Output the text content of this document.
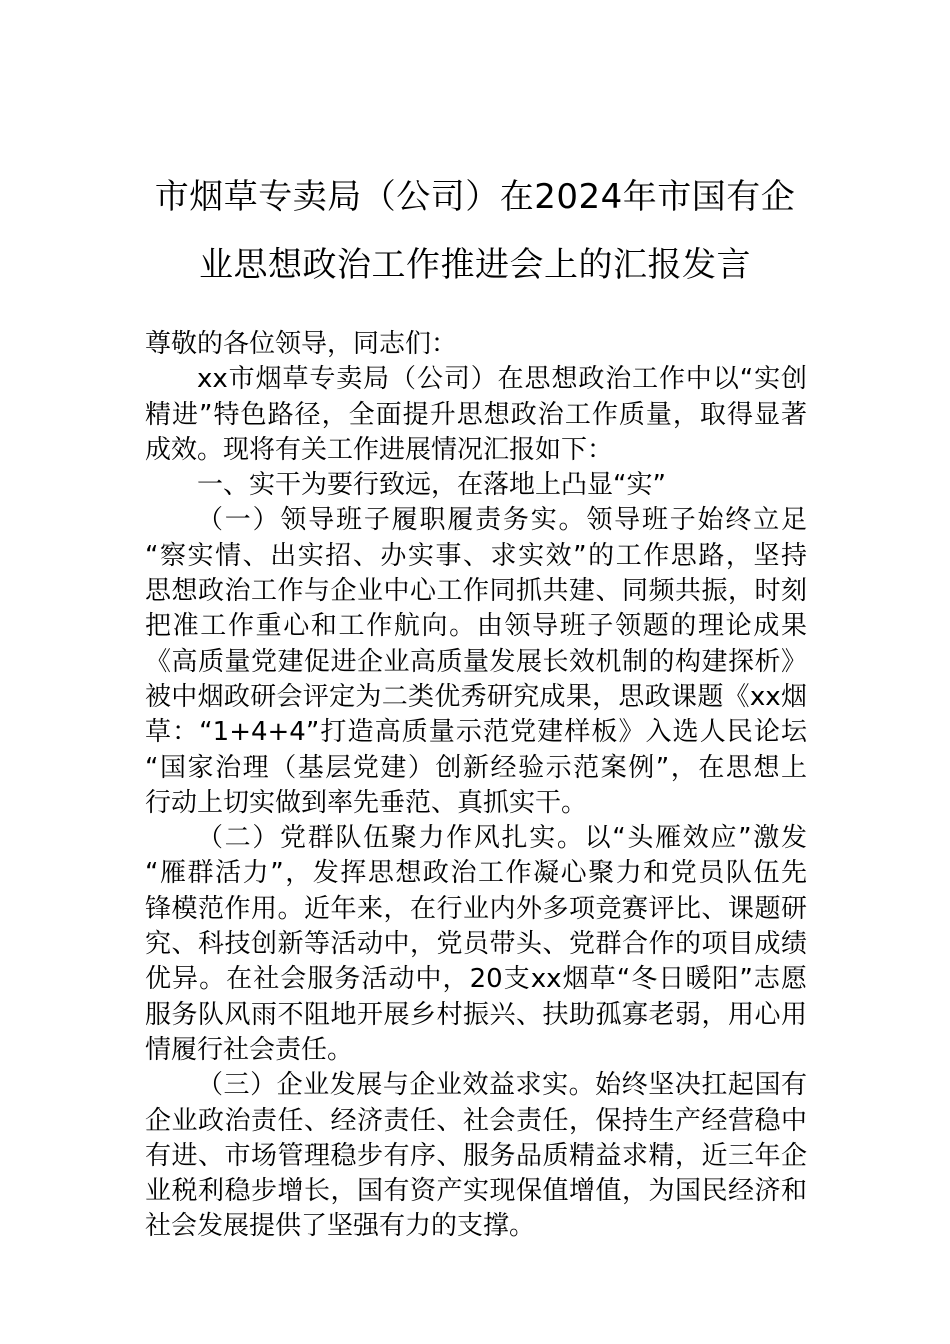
市烟草专卖局（公司）在2024年市国有企
业思想政治工作推进会上的汇报发言
尊敬的各位领导，同志们：
xx市烟草专卖局（公司）在思想政治工作中以“实创
精进”特色路径，全面提升思想政治工作质量，取得显著
成效。现将有关工作进展情况汇报如下：
一、实干为要行致远，在落地上凸显“实”
（一）领导班子履职履责务实。领导班子始终立足
“察实情、出实招、办实事、求实效”的工作思路，坚持
思想政治工作与企业中心工作同抓共建、同频共振，时刻
把准工作重心和工作航向。由领导班子领题的理论成果
《高质量党建促进企业高质量发展长效机制的构建探析》
被中烟政研会评定为二类优秀研究成果，思政课题《xx烟
草：“1+4+4”打造高质量示范党建样板》入选人民论坛
“国家治理（基层党建）创新经验示范案例”，在思想上
行动上切实做到率先垂范、真抓实干。
（二）党群队伍聚力作风扎实。以“头雁效应”激发
“雁群活力”，发挥思想政治工作凝心聚力和党员队伍先
锋模范作用。近年来，在行业内外多项竞赛评比、课题研
究、科技创新等活动中，党员带头、党群合作的项目成绩
优异。在社会服务活动中，20支xx烟草“冬日暖阳”志愿
服务队风雨不阻地开展乡村振兴、扶助孤寡老弱，用心用
情履行社会责任。
（三）企业发展与企业效益求实。始终坚决扛起国有
企业政治责任、经济责任、社会责任，保持生产经营稳中
有进、市场管理稳步有序、服务品质精益求精，近三年企
业税利稳步增长，国有资产实现保值增值，为国民经济和
社会发展提供了坚强有力的支撑。
